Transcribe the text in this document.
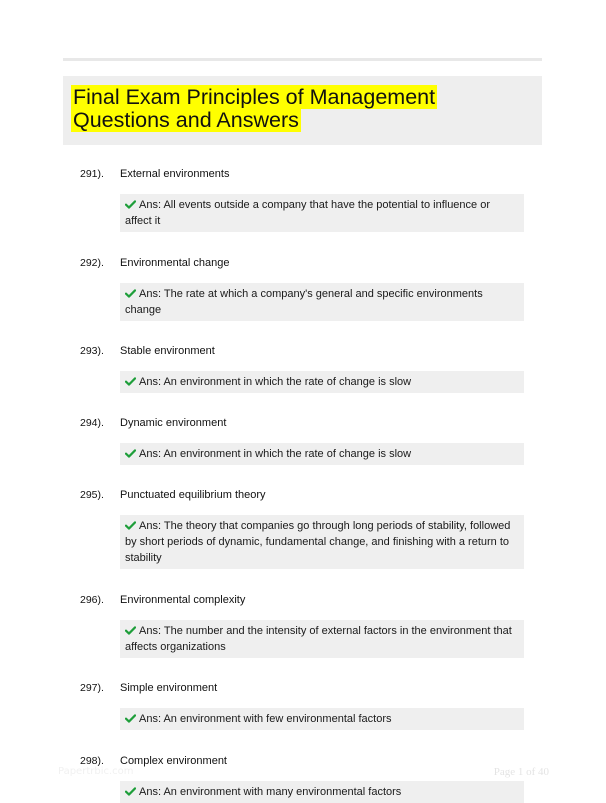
Final Exam Principles of Management Questions and Answers
291).	External environments
Ans: All events outside a company that have the potential to influence or affect it
292).	Environmental change
Ans: The rate at which a company's general and specific environments change
293).	Stable environment
Ans: An environment in which the rate of change is slow
294).	Dynamic environment
Ans: An environment in which the rate of change is slow
295).	Punctuated equilibrium theory
Ans: The theory that companies go through long periods of stability, followed by short periods of dynamic, fundamental change, and finishing with a return to stability
296).	Environmental complexity
Ans: The number and the intensity of external factors in the environment that affects organizations
297).	Simple environment
Ans: An environment with few environmental factors
298).	Complex environment
Ans: An environment with many environmental factors
Papertrbic.com	Page 1 of 40
